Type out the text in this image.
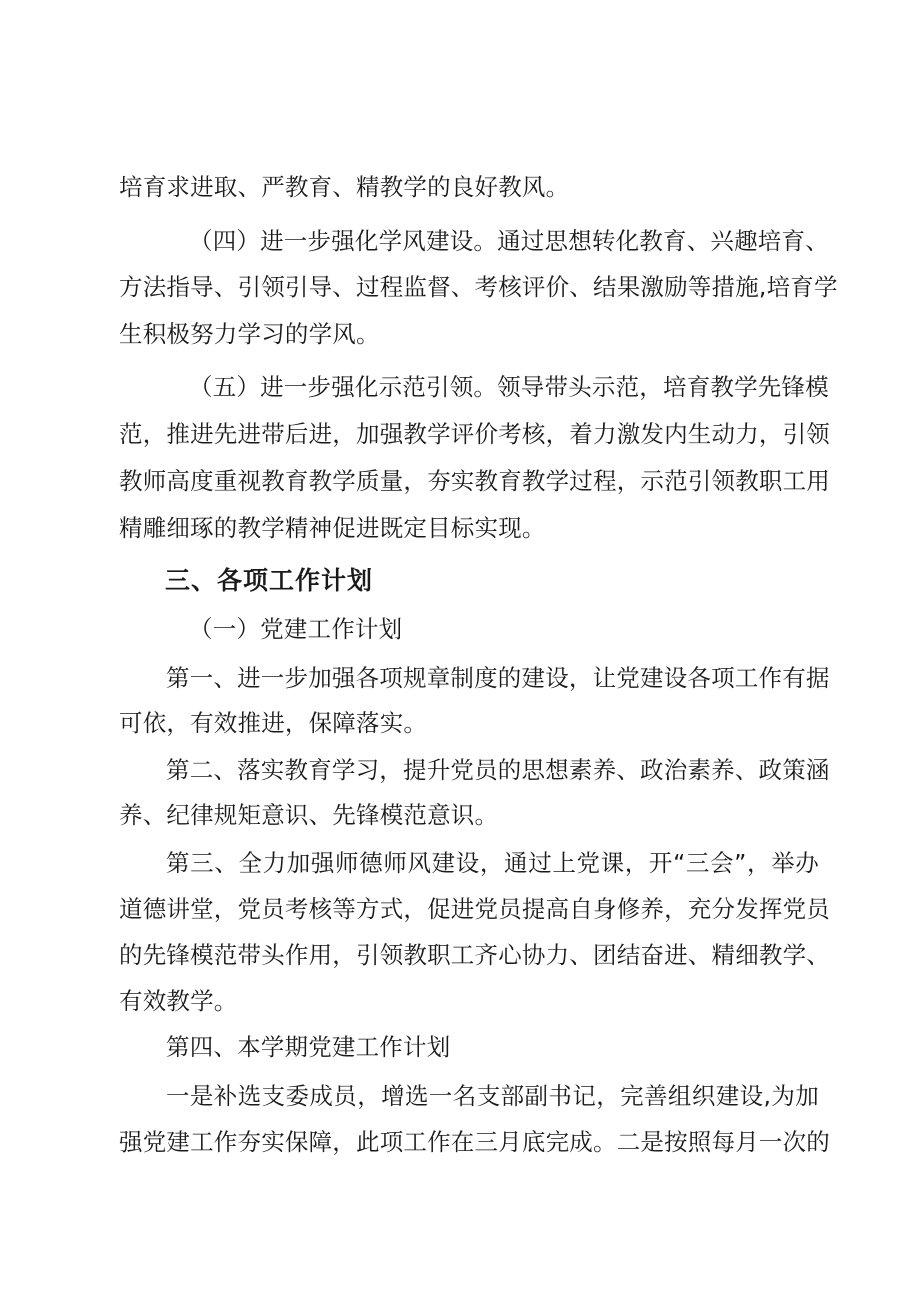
培育求进取、严教育、精教学的良好教风。
（四）进一步强化学风建设。通过思想转化教育、兴趣培育、
方法指导、引领引导、过程监督、考核评价、结果激励等措施,培育学
生积极努力学习的学风。
（五）进一步强化示范引领。领导带头示范，培育教学先锋模
范，推进先进带后进，加强教学评价考核，着力激发内生动力，引领
教师高度重视教育教学质量，夯实教育教学过程，示范引领教职工用
精雕细琢的教学精神促进既定目标实现。
三、各项工作计划
（一）党建工作计划
第一、进一步加强各项规章制度的建设，让党建设各项工作有据
可依，有效推进，保障落实。
第二、落实教育学习，提升党员的思想素养、政治素养、政策涵
养、纪律规矩意识、先锋模范意识。
第三、全力加强师德师风建设，通过上党课，开“三会”，举办
道德讲堂，党员考核等方式，促进党员提高自身修养，充分发挥党员
的先锋模范带头作用，引领教职工齐心协力、团结奋进、精细教学、
有效教学。
第四、本学期党建工作计划
一是补选支委成员，增选一名支部副书记，完善组织建设,为加
强党建工作夯实保障，此项工作在三月底完成。二是按照每月一次的
